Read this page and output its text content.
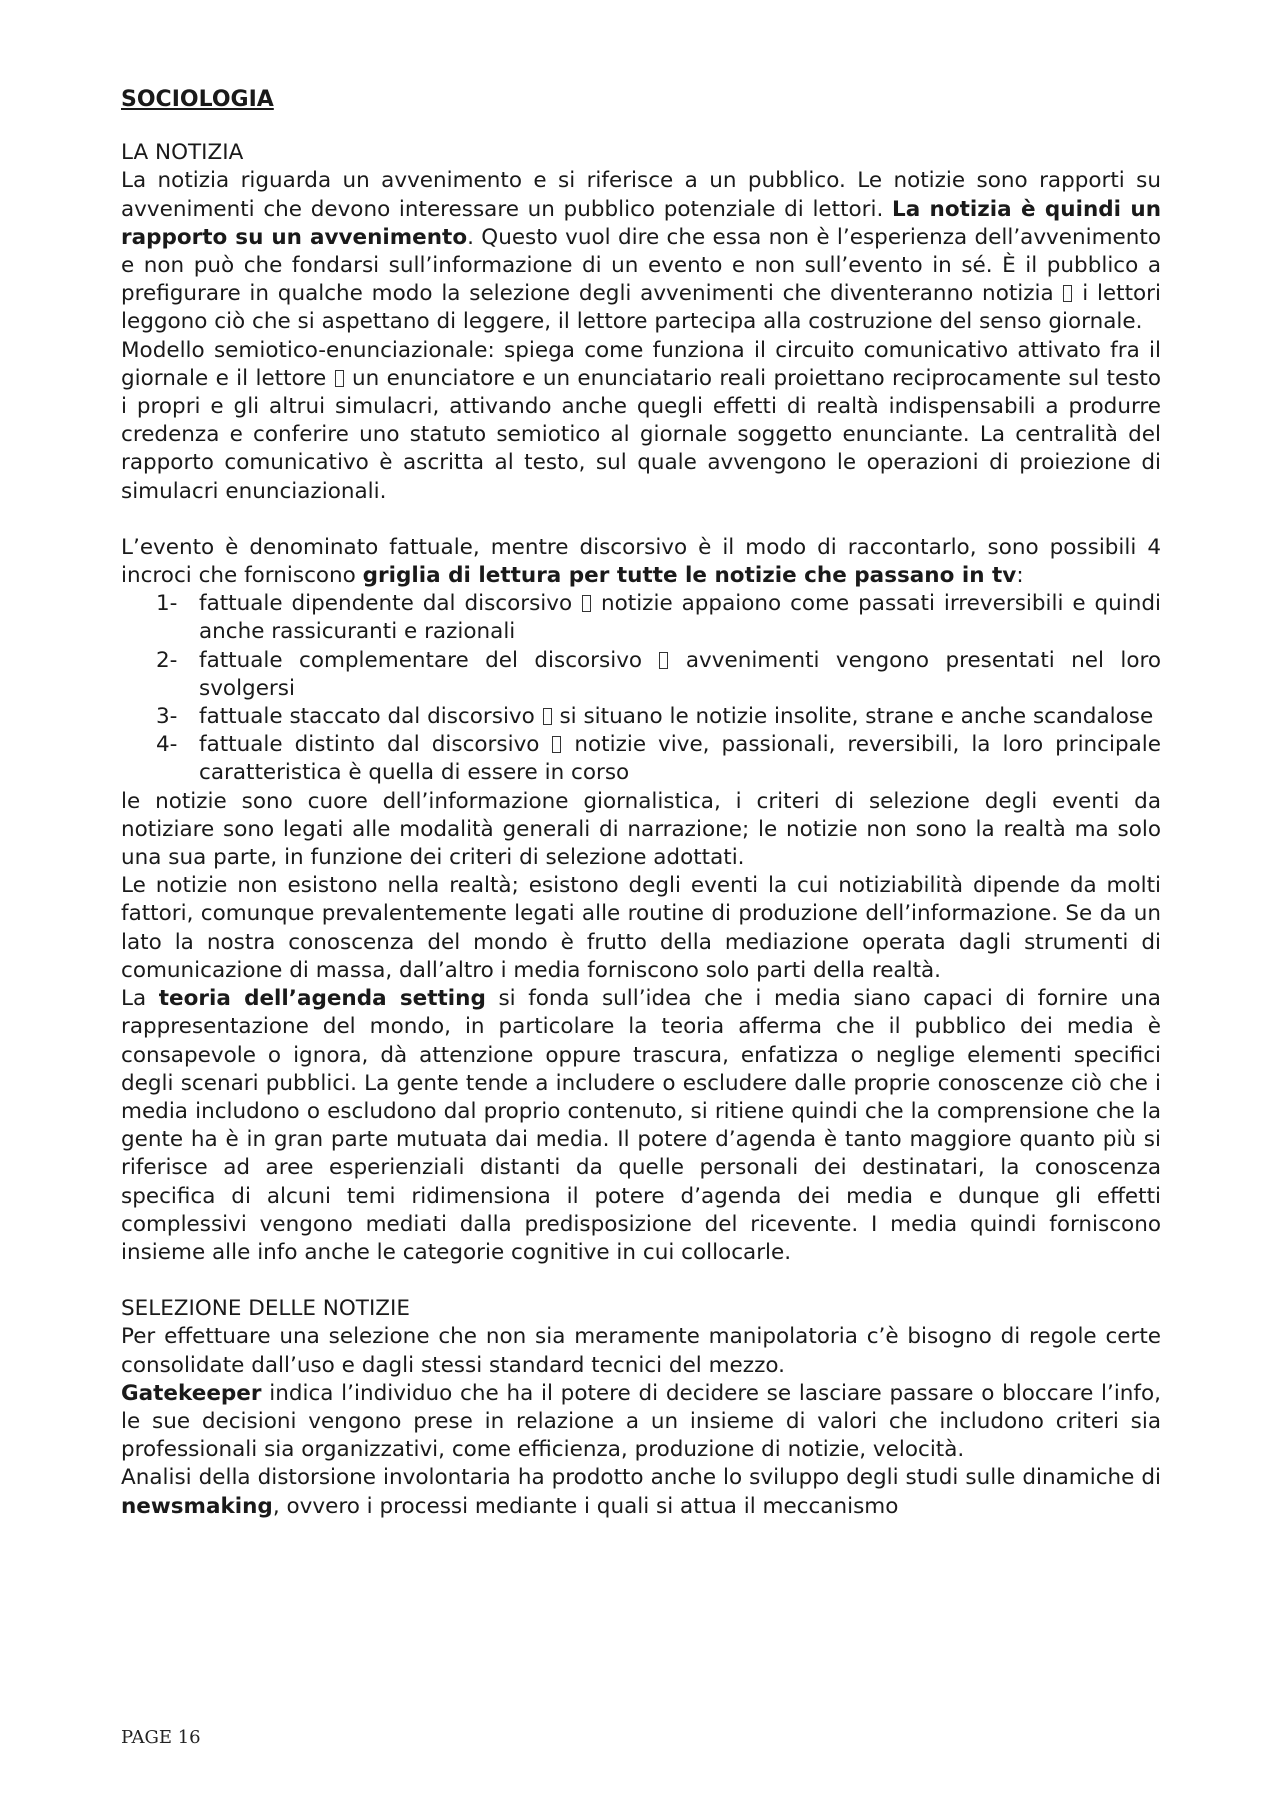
SOCIOLOGIA
LA NOTIZIA

La notizia riguarda un avvenimento e si riferisce a un pubblico. Le notizie sono rapporti su avvenimenti che devono interessare un pubblico potenziale di lettori. La notizia è quindi un rapporto su un avvenimento. Questo vuol dire che essa non è l’esperienza dell’avvenimento e non può che fondarsi sull’informazione di un evento e non sull’evento in sé. È il pubblico a prefigurare in qualche modo la selezione degli avvenimenti che diventeranno notizia  i lettori leggono ciò che si aspettano di leggere, il lettore partecipa alla costruzione del senso giornale.

Modello semiotico-enunciazionale: spiega come funziona il circuito comunicativo attivato fra il giornale e il lettore  un enunciatore e un enunciatario reali proiettano reciprocamente sul testo i propri e gli altrui simulacri, attivando anche quegli effetti di realtà indispensabili a produrre credenza e conferire uno statuto semiotico al giornale soggetto enunciante. La centralità del rapporto comunicativo è ascritta al testo, sul quale avvengono le operazioni di proiezione di simulacri enunciazionali.

L’evento è denominato fattuale, mentre discorsivo è il modo di raccontarlo, sono possibili 4 incroci che forniscono griglia di lettura per tutte le notizie che passano in tv:

1- fattuale dipendente dal discorsivo  notizie appaiono come passati irreversibili e quindi anche rassicuranti e razionali
2- fattuale complementare del discorsivo  avvenimenti vengono presentati nel loro svolgersi
3- fattuale staccato dal discorsivo  si situano le notizie insolite, strane e anche scandalose
4- fattuale distinto dal discorsivo  notizie vive, passionali, reversibili, la loro principale caratteristica è quella di essere in corso

le notizie sono cuore dell’informazione giornalistica, i criteri di selezione degli eventi da notiziare sono legati alle modalità generali di narrazione; le notizie non sono la realtà ma solo una sua parte, in funzione dei criteri di selezione adottati.

Le notizie non esistono nella realtà; esistono degli eventi la cui notiziabilità dipende da molti fattori, comunque prevalentemente legati alle routine di produzione dell’informazione. Se da un lato la nostra conoscenza del mondo è frutto della mediazione operata dagli strumenti di comunicazione di massa, dall’altro i media forniscono solo parti della realtà.

La teoria dell’agenda setting si fonda sull’idea che i media siano capaci di fornire una rappresentazione del mondo, in particolare la teoria afferma che il pubblico dei media è consapevole o ignora, dà attenzione oppure trascura, enfatizza o neglige elementi specifici degli scenari pubblici. La gente tende a includere o escludere dalle proprie conoscenze ciò che i media includono o escludono dal proprio contenuto, si ritiene quindi che la comprensione che la gente ha è in gran parte mutuata dai media. Il potere d’agenda è tanto maggiore quanto più si riferisce ad aree esperienziali distanti da quelle personali dei destinatari, la conoscenza specifica di alcuni temi ridimensiona il potere d’agenda dei media e dunque gli effetti complessivi vengono mediati dalla predisposizione del ricevente. I media quindi forniscono insieme alle info anche le categorie cognitive in cui collocarle.

SELEZIONE DELLE NOTIZIE

Per effettuare una selezione che non sia meramente manipolatoria c’è bisogno di regole certe consolidate dall’uso e dagli stessi standard tecnici del mezzo.

Gatekeeper indica l’individuo che ha il potere di decidere se lasciare passare o bloccare l’info, le sue decisioni vengono prese in relazione a un insieme di valori che includono criteri sia professionali sia organizzativi, come efficienza, produzione di notizie, velocità.

Analisi della distorsione involontaria ha prodotto anche lo sviluppo degli studi sulle dinamiche di newsmaking, ovvero i processi mediante i quali si attua il meccanismo

PAGE 16
